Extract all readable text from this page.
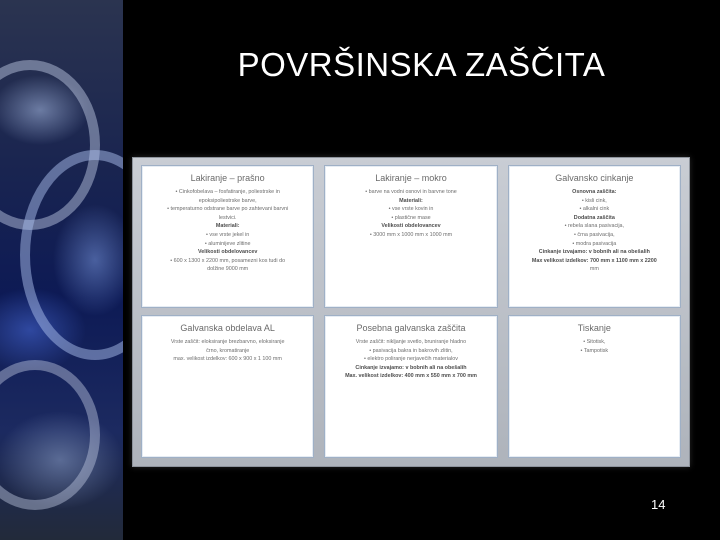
POVRŠINSKA ZAŠČITA
Lakiranje – prašno
• Cinkofobelava – fosfatiranje, poliestrske in
epoksipoliestrske barve,
• temperaturno odstrane barve po zahtevani barvni
lestvici.
Materiali:
• vse vrste jekel in
• aluminijeve zlitine
Velikosti obdelovancev
• 600 x 1300 x 2200 mm, posamezni kos tudi do
dolžine 9000 mm
Lakiranje – mokro
• barve na vodni osnovi in barvne tone
Materiali:
• vse vrste kovin in
• plastične mase
Velikosti obdelovancev
• 3000 mm x 1000 mm x 1000 mm
Galvansko cinkanje
Osnovna zaščita:
• kisli cink,
• alkalni cink
Dodatna zaščita
• rebela slana pasivacija,
• črna pasivacija,
• modra pasivacija
Cinkanje izvajamo: v bobnih ali na obešalih
Max velikost izdelkov: 700 mm x 1100 mm x 2200
mm
Galvanska obdelava AL
Vrste zaščit: eloksiranje brezbarvno, eloksiranje
črno, kromatiranje
max. velikost izdelkov: 600 x 900 x 1 100 mm
Posebna galvanska zaščita
Vrste zaščit: nikljanje svetlo, bruniranje hladno
• pasivacija bakra in bakrovih zlitin,
• elektro poliranje nerjavečih materialov
Cinkanje izvajamo: v bobnih ali na obešalih
Max. velikost izdelkov: 400 mm x 550 mm x 700 mm
Tiskanje
• Sitotisk,
• Tampotisk
14
